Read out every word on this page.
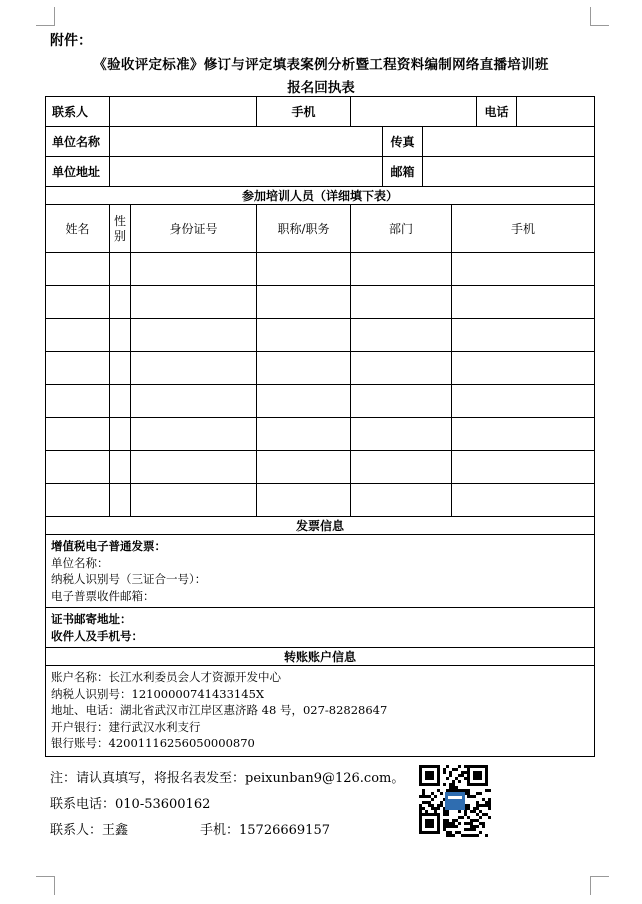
附件：
《验收评定标准》修订与评定填表案例分析暨工程资料编制网络直播培训班
报名回执表
联系人			手机	电话	

单位名称	传真				

单位地址	邮箱				

参加培训人员（详细填下表）					
姓名	性别	身份证号	职称/职务	部门	手机

发票信息					

增值税电子普通发票：
单位名称：
纳税人识别号（三证合一号）：
电子普票收件邮箱：					

证书邮寄地址：
收件人及手机号：					

转账账户信息					

账户名称：长江水利委员会人才资源开发中心
纳税人识别号：12100000741433145X
地址、电话：湖北省武汉市江岸区惠济路 48 号，027-82828647
开户银行：建行武汉水利支行
银行账号：42001116256050000870					
注：请认真填写，将报名表发至：peixunban9@126.com。
联系电话：010-53600162
联系人：王鑫	手机：15726669157
